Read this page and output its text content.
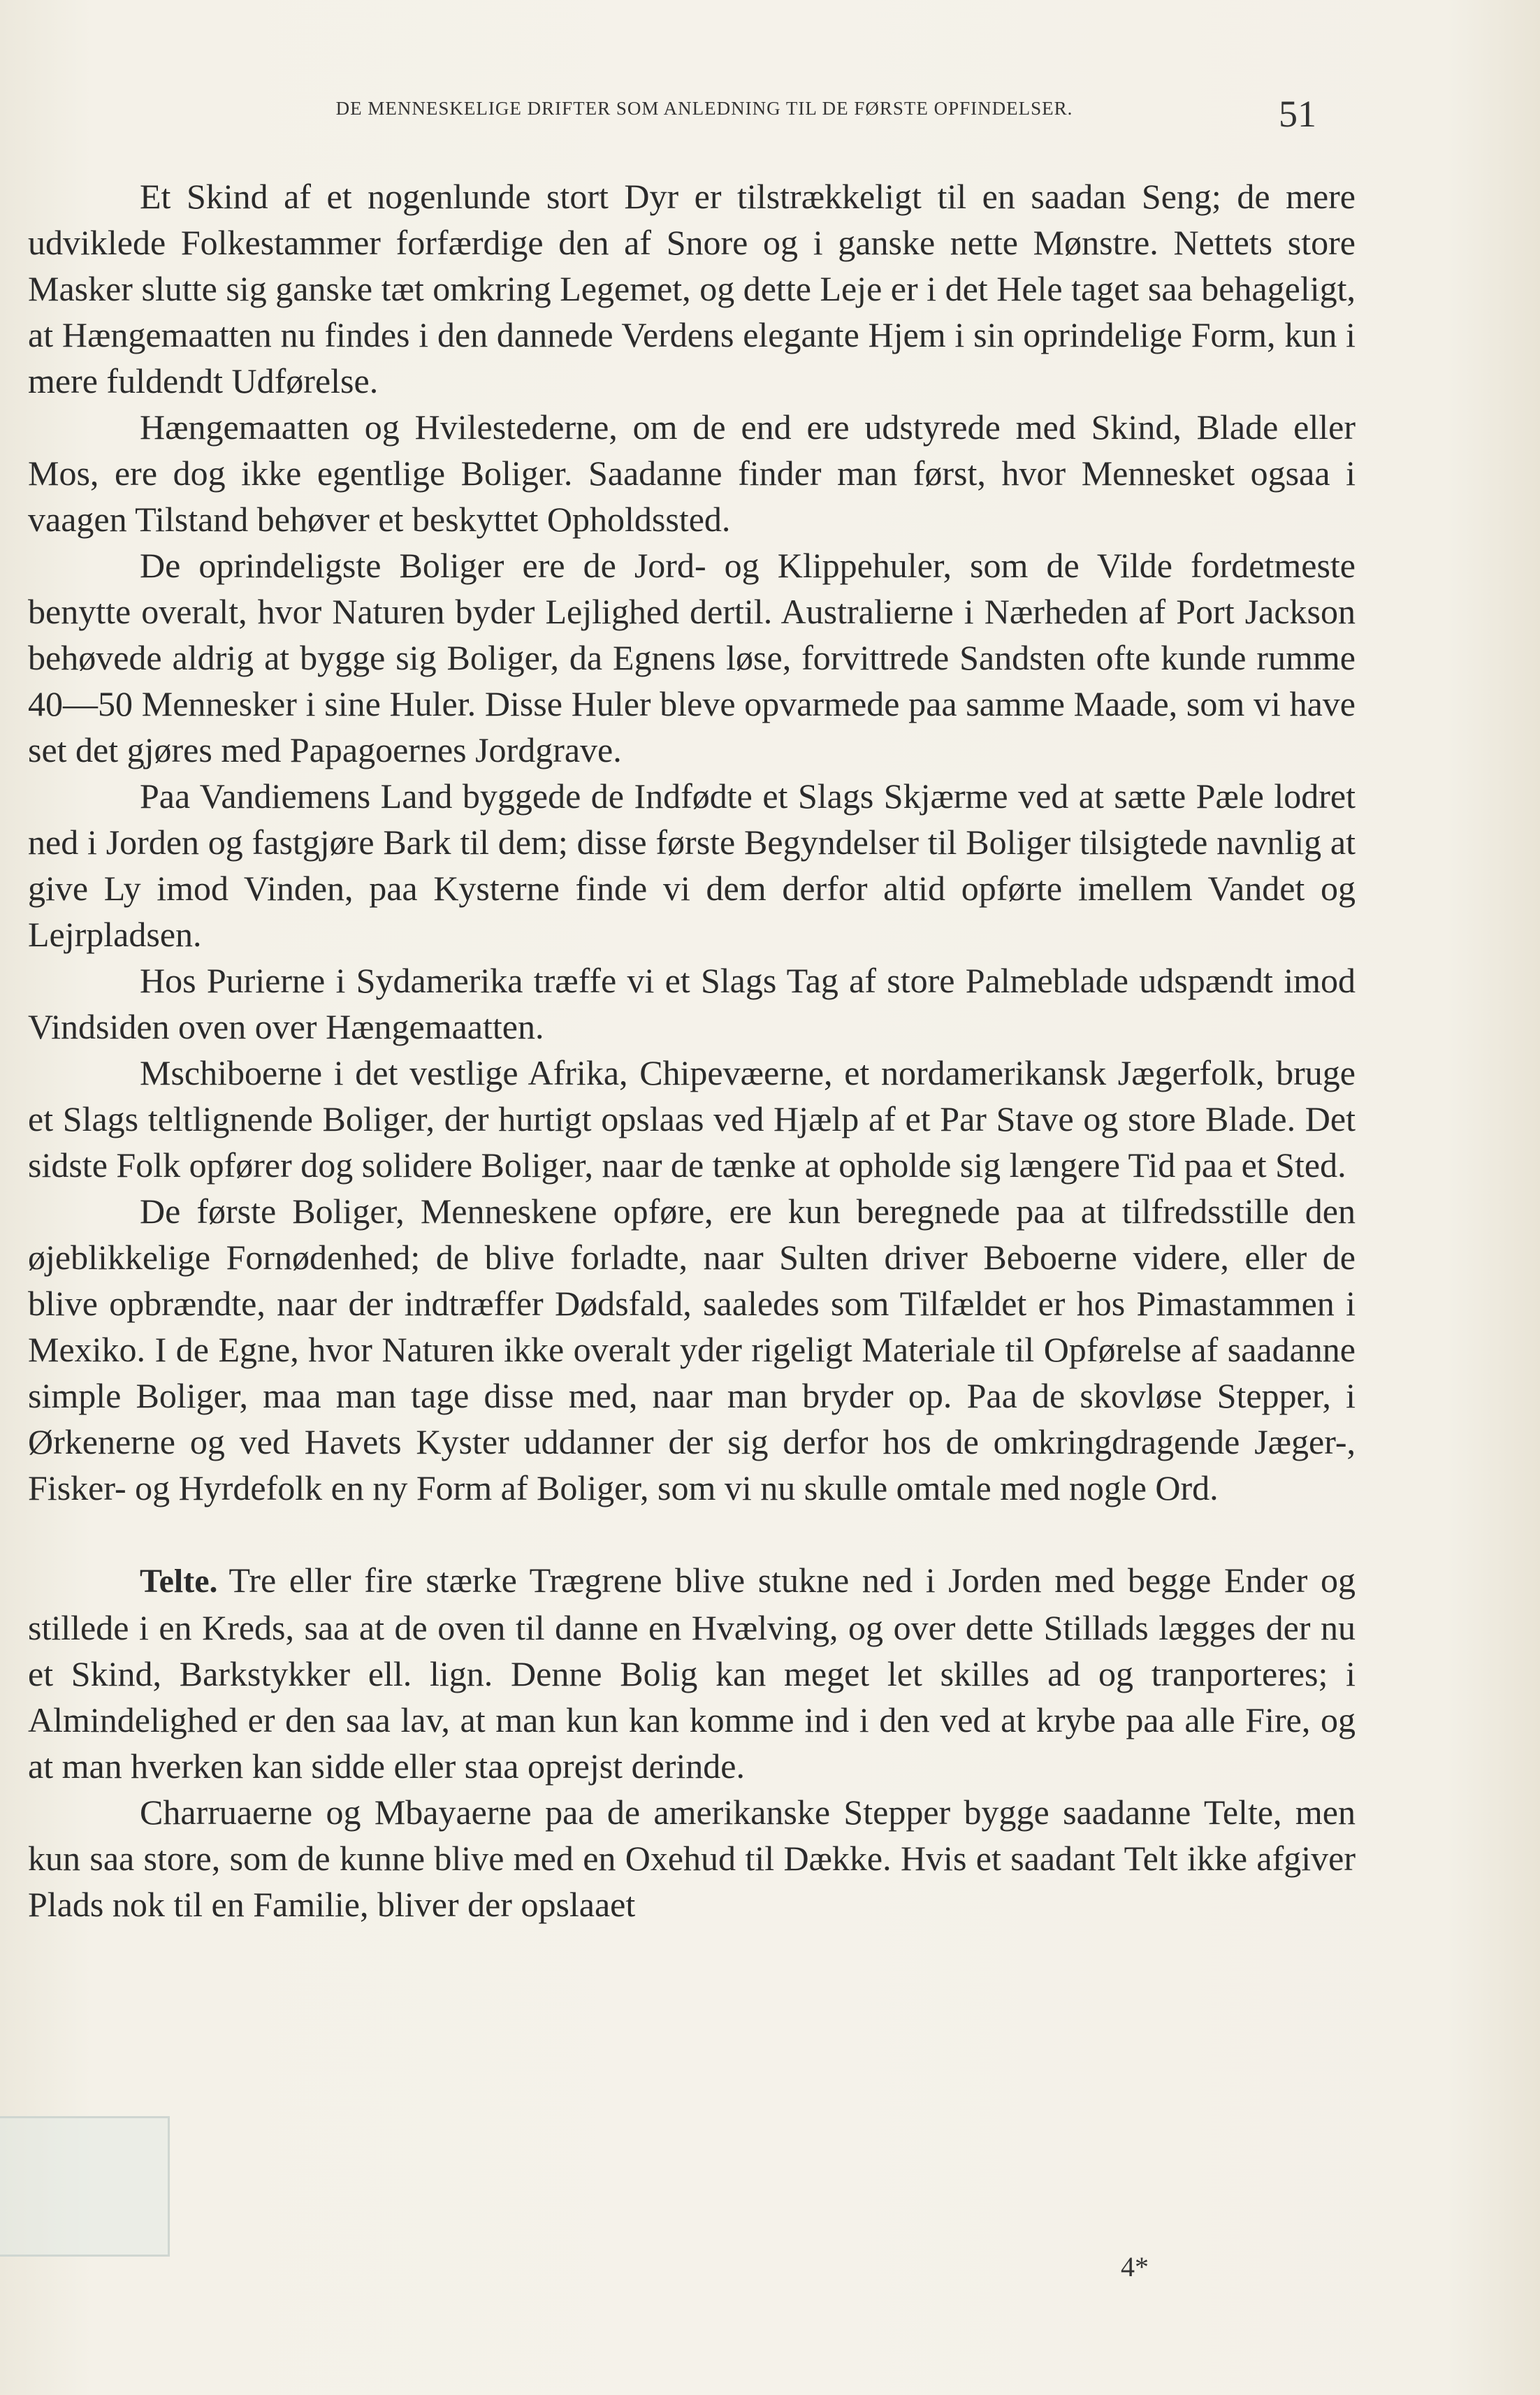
DE MENNESKELIGE DRIFTER SOM ANLEDNING TIL DE FØRSTE OPFINDELSER.	51

Et Skind af et nogenlunde stort Dyr er tilstrækkeligt til en saadan Seng; de mere udviklede Folkestammer forfærdige den af Snore og i ganske nette Mønstre. Nettets store Masker slutte sig ganske tæt omkring Legemet, og dette Leje er i det Hele taget saa behageligt, at Hængemaatten nu findes i den dannede Verdens elegante Hjem i sin oprindelige Form, kun i mere fuldendt Udførelse.

Hængemaatten og Hvilestederne, om de end ere udstyrede med Skind, Blade eller Mos, ere dog ikke egentlige Boliger. Saadanne finder man først, hvor Mennesket ogsaa i vaagen Tilstand behøver et beskyttet Opholdssted.

De oprindeligste Boliger ere de Jord- og Klippehuler, som de Vilde fordetmeste benytte overalt, hvor Naturen byder Lejlighed dertil. Australierne i Nærheden af Port Jackson behøvede aldrig at bygge sig Boliger, da Egnens løse, forvittrede Sandsten ofte kunde rumme 40—50 Mennesker i sine Huler. Disse Huler bleve opvarmede paa samme Maade, som vi have set det gjøres med Papagoernes Jordgrave.

Paa Vandiemens Land byggede de Indfødte et Slags Skjærme ved at sætte Pæle lodret ned i Jorden og fastgjøre Bark til dem; disse første Begyndelser til Boliger tilsigtede navnlig at give Ly imod Vinden, paa Kysterne finde vi dem derfor altid opførte imellem Vandet og Lejrpladsen.

Hos Purierne i Sydamerika træffe vi et Slags Tag af store Palmeblade udspændt imod Vindsiden oven over Hængemaatten.

Mschiboerne i det vestlige Afrika, Chipevæerne, et nordamerikansk Jægerfolk, bruge et Slags teltlignende Boliger, der hurtigt opslaas ved Hjælp af et Par Stave og store Blade. Det sidste Folk opfører dog solidere Boliger, naar de tænke at opholde sig længere Tid paa et Sted.

De første Boliger, Menneskene opføre, ere kun beregnede paa at tilfredsstille den øjeblikkelige Fornødenhed; de blive forladte, naar Sulten driver Beboerne videre, eller de blive opbrændte, naar der indtræffer Dødsfald, saaledes som Tilfældet er hos Pimastammen i Mexiko. I de Egne, hvor Naturen ikke overalt yder rigeligt Materiale til Opførelse af saadanne simple Boliger, maa man tage disse med, naar man bryder op. Paa de skovløse Stepper, i Ørkenerne og ved Havets Kyster uddanner der sig derfor hos de omkringdragende Jæger-, Fisker- og Hyrdefolk en ny Form af Boliger, som vi nu skulle omtale med nogle Ord.

Telte. Tre eller fire stærke Trægrene blive stukne ned i Jorden med begge Ender og stillede i en Kreds, saa at de oven til danne en Hvælving, og over dette Stillads lægges der nu et Skind, Barkstykker ell. lign. Denne Bolig kan meget let skilles ad og tranporteres; i Almindelighed er den saa lav, at man kun kan komme ind i den ved at krybe paa alle Fire, og at man hverken kan sidde eller staa oprejst derinde.

Charruaerne og Mbayaerne paa de amerikanske Stepper bygge saadanne Telte, men kun saa store, som de kunne blive med en Oxehud til Dække. Hvis et saadant Telt ikke afgiver Plads nok til en Familie, bliver der opslaaet

4*
